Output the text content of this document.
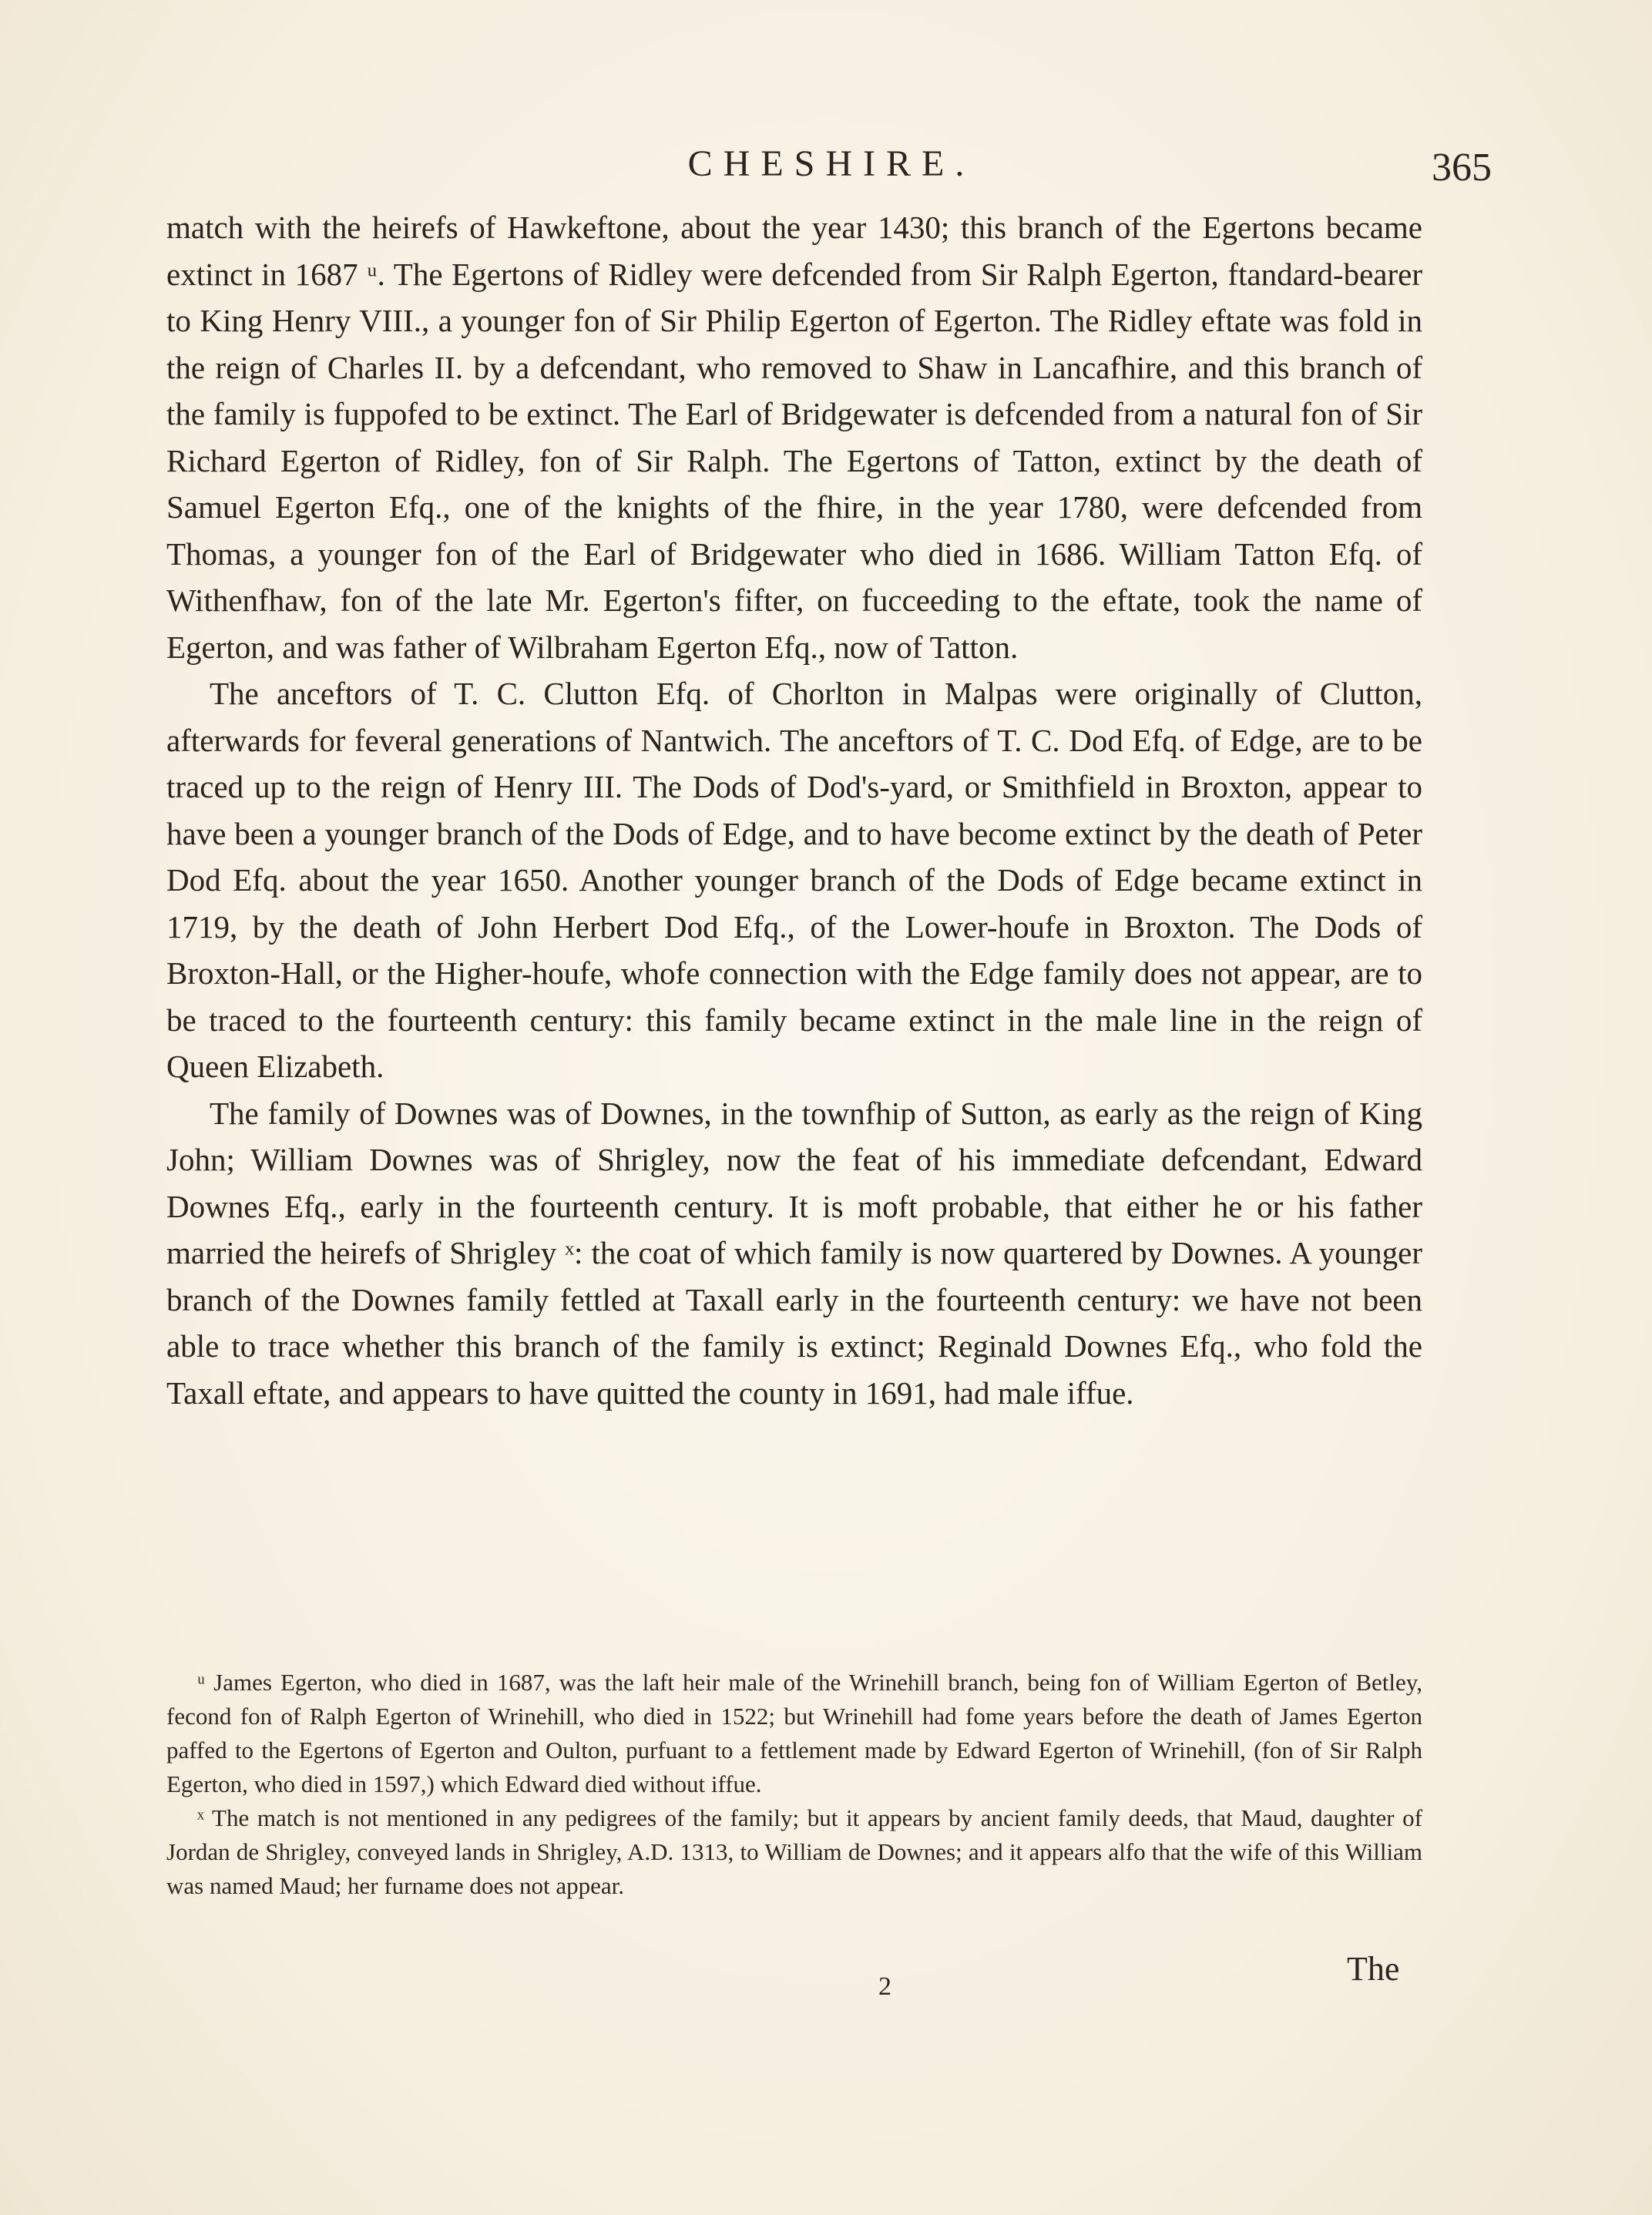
CHESHIRE.	365

match with the heirefs of Hawkeftone, about the year 1430; this branch of the Egertons became extinct in 1687 ᵘ. The Egertons of Ridley were defcended from Sir Ralph Egerton, ftandard-bearer to King Henry VIII., a younger fon of Sir Philip Egerton of Egerton. The Ridley eftate was fold in the reign of Charles II. by a defcendant, who removed to Shaw in Lancafhire, and this branch of the family is fuppofed to be extinct. The Earl of Bridgewater is defcended from a natural fon of Sir Richard Egerton of Ridley, fon of Sir Ralph. The Egertons of Tatton, extinct by the death of Samuel Egerton Efq., one of the knights of the fhire, in the year 1780, were defcended from Thomas, a younger fon of the Earl of Bridgewater who died in 1686. William Tatton Efq. of Withenfhaw, fon of the late Mr. Egerton's fifter, on fucceeding to the eftate, took the name of Egerton, and was father of Wilbraham Egerton Efq., now of Tatton.

The anceftors of T. C. Clutton Efq. of Chorlton in Malpas were originally of Clutton, afterwards for feveral generations of Nantwich. The anceftors of T. C. Dod Efq. of Edge, are to be traced up to the reign of Henry III. The Dods of Dod's-yard, or Smithfield in Broxton, appear to have been a younger branch of the Dods of Edge, and to have become extinct by the death of Peter Dod Efq. about the year 1650. Another younger branch of the Dods of Edge became extinct in 1719, by the death of John Herbert Dod Efq., of the Lower-houfe in Broxton. The Dods of Broxton-Hall, or the Higher-houfe, whofe connection with the Edge family does not appear, are to be traced to the fourteenth century: this family became extinct in the male line in the reign of Queen Elizabeth.

The family of Downes was of Downes, in the townfhip of Sutton, as early as the reign of King John; William Downes was of Shrigley, now the feat of his immediate defcendant, Edward Downes Efq., early in the fourteenth century. It is moft probable, that either he or his father married the heirefs of Shrigley ˣ: the coat of which family is now quartered by Downes. A younger branch of the Downes family fettled at Taxall early in the fourteenth century: we have not been able to trace whether this branch of the family is extinct; Reginald Downes Efq., who fold the Taxall eftate, and appears to have quitted the county in 1691, had male iffue.

ᵘ James Egerton, who died in 1687, was the laft heir male of the Wrinehill branch, being fon of William Egerton of Betley, fecond fon of Ralph Egerton of Wrinehill, who died in 1522; but Wrinehill had fome years before the death of James Egerton paffed to the Egertons of Egerton and Oulton, purfuant to a fettlement made by Edward Egerton of Wrinehill, (fon of Sir Ralph Egerton, who died in 1597,) which Edward died without iffue.

ˣ The match is not mentioned in any pedigrees of the family; but it appears by ancient family deeds, that Maud, daughter of Jordan de Shrigley, conveyed lands in Shrigley, A.D. 1313, to William de Downes; and it appears alfo that the wife of this William was named Maud; her furname does not appear.

The
2
